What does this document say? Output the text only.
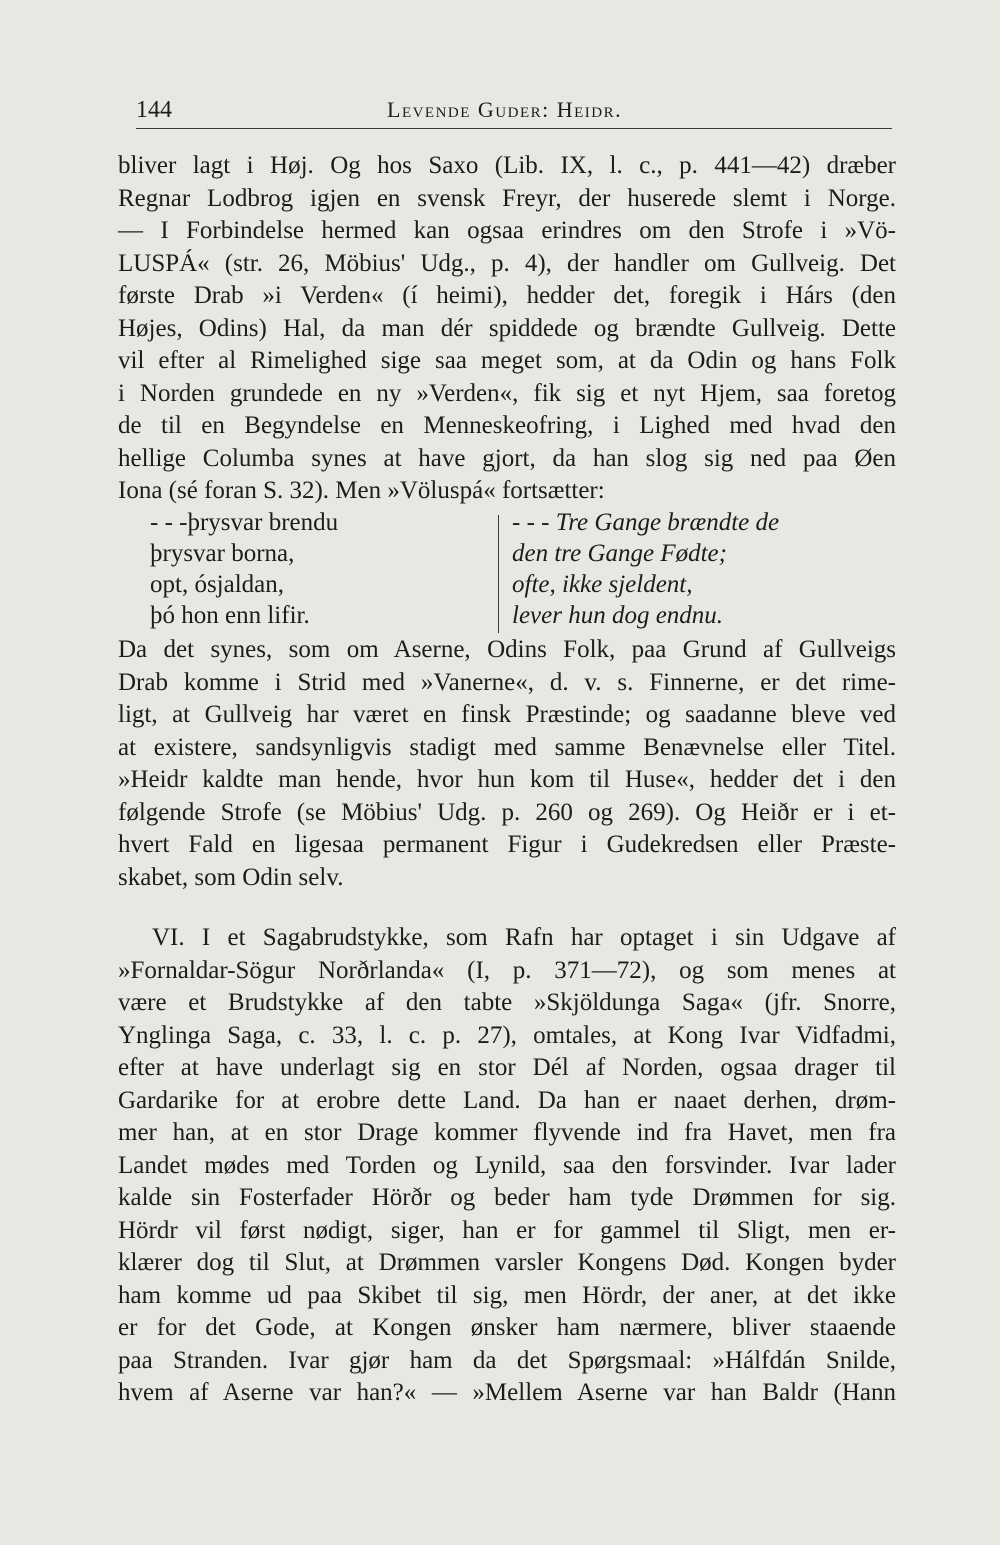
144	Levende Guder: Heidr.
bliver lagt i Høj. Og hos Saxo (Lib. IX, l. c., p. 441—42) dræber
Regnar Lodbrog igjen en svensk Freyr, der huserede slemt i Norge.
— I Forbindelse hermed kan ogsaa erindres om den Strofe i »Vö-
LUSPÁ« (str. 26, Möbius' Udg., p. 4), der handler om Gullveig. Det
første Drab »i Verden« (í heimi), hedder det, foregik i Hárs (den
Højes, Odins) Hal, da man dér spiddede og brændte Gullveig. Dette
vil efter al Rimelighed sige saa meget som, at da Odin og hans Folk
i Norden grundede en ny »Verden«, fik sig et nyt Hjem, saa foretog
de til en Begyndelse en Menneskeofring, i Lighed med hvad den
hellige Columba synes at have gjort, da han slog sig ned paa Øen
Iona (sé foran S. 32). Men »Völuspá« fortsætter:
- - -þrysvar brendu
þrysvar borna,
opt, ósjaldan,
þó hon enn lifir.
- - - Tre Gange brændte de
den tre Gange Fødte;
ofte, ikke sjeldent,
lever hun dog endnu.
Da det synes, som om Aserne, Odins Folk, paa Grund af Gullveigs
Drab komme i Strid med »Vanerne«, d. v. s. Finnerne, er det rime-
ligt, at Gullveig har været en finsk Præstinde; og saadanne bleve ved
at existere, sandsynligvis stadigt med samme Benævnelse eller Titel.
»Heidr kaldte man hende, hvor hun kom til Huse«, hedder det i den
følgende Strofe (se Möbius' Udg. p. 260 og 269). Og Heiðr er i et-
hvert Fald en ligesaa permanent Figur i Gudekredsen eller Præste-
skabet, som Odin selv.
VI. I et Sagabrudstykke, som Rafn har optaget i sin Udgave af
»Fornaldar-Sögur Norðrlanda« (I, p. 371—72), og som menes at
være et Brudstykke af den tabte »Skjöldunga Saga« (jfr. Snorre,
Ynglinga Saga, c. 33, l. c. p. 27), omtales, at Kong Ivar Vidfadmi,
efter at have underlagt sig en stor Dél af Norden, ogsaa drager til
Gardarike for at erobre dette Land. Da han er naaet derhen, drøm-
mer han, at en stor Drage kommer flyvende ind fra Havet, men fra
Landet mødes med Torden og Lynild, saa den forsvinder. Ivar lader
kalde sin Fosterfader Hörðr og beder ham tyde Drømmen for sig.
Hördr vil først nødigt, siger, han er for gammel til Sligt, men er-
klærer dog til Slut, at Drømmen varsler Kongens Død. Kongen byder
ham komme ud paa Skibet til sig, men Hördr, der aner, at det ikke
er for det Gode, at Kongen ønsker ham nærmere, bliver staaende
paa Stranden. Ivar gjør ham da det Spørgsmaal: »Hálfdán Snilde,
hvem af Aserne var han?« — »Mellem Aserne var han Baldr (Hann
